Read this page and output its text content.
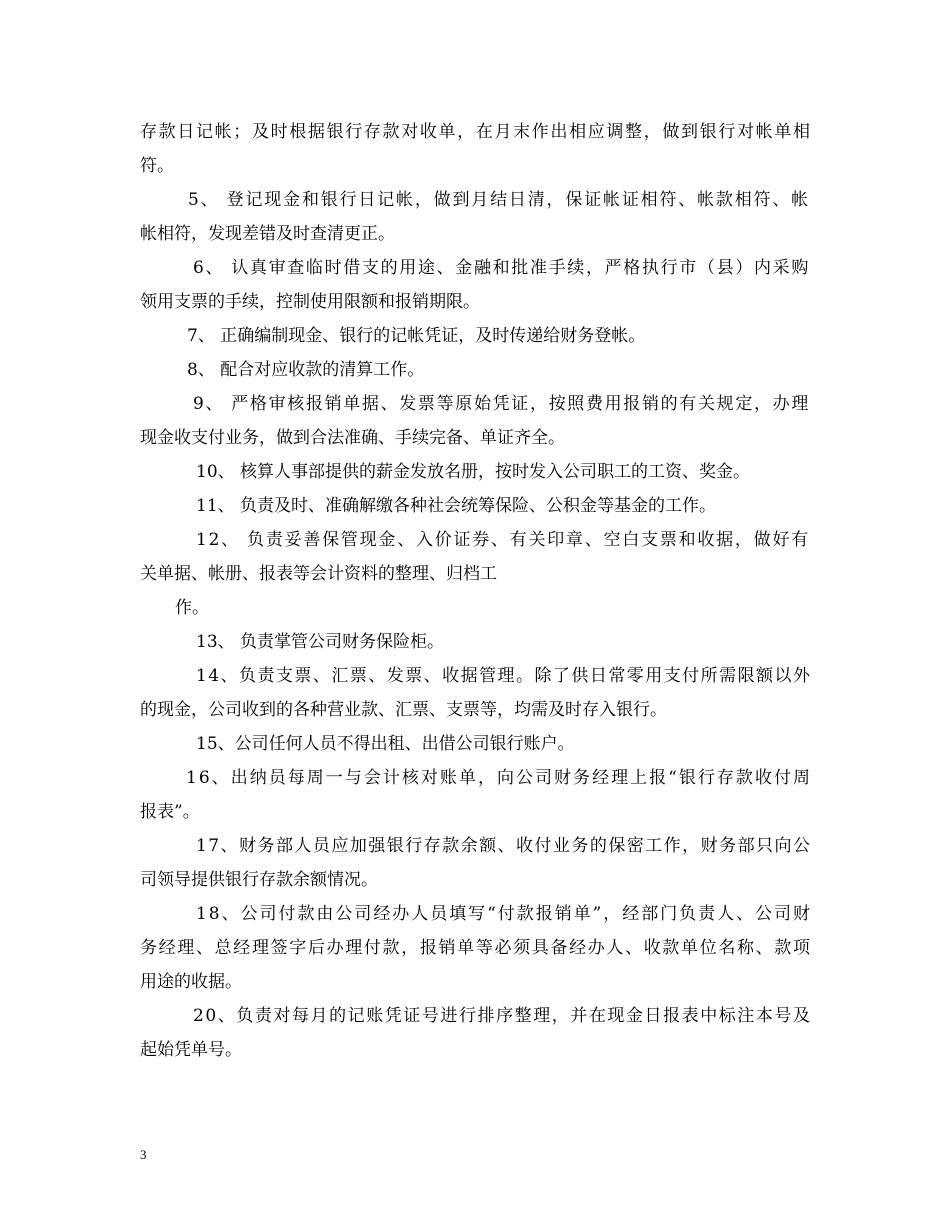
存款日记帐；及时根据银行存款对收单，在月末作出相应调整，做到银行对帐单相
符。
5、 登记现金和银行日记帐，做到月结日清，保证帐证相符、帐款相符、帐
帐相符，发现差错及时查清更正。
6、 认真审查临时借支的用途、金融和批准手续，严格执行市（县）内采购
领用支票的手续，控制使用限额和报销期限。
7、 正确编制现金、银行的记帐凭证，及时传递给财务登帐。
8、 配合对应收款的清算工作。
9、 严格审核报销单据、发票等原始凭证，按照费用报销的有关规定，办理
现金收支付业务，做到合法准确、手续完备、单证齐全。
10、 核算人事部提供的薪金发放名册，按时发入公司职工的工资、奖金。
11、 负责及时、准确解缴各种社会统筹保险、公积金等基金的工作。
12、 负责妥善保管现金、入价证券、有关印章、空白支票和收据，做好有
关单据、帐册、报表等会计资料的整理、归档工
作。
13、 负责掌管公司财务保险柜。
14、负责支票、汇票、发票、收据管理。除了供日常零用支付所需限额以外
的现金，公司收到的各种营业款、汇票、支票等，均需及时存入银行。
15、公司任何人员不得出租、出借公司银行账户。
16、出纳员每周一与会计核对账单，向公司财务经理上报“银行存款收付周
报表”。
17、财务部人员应加强银行存款余额、收付业务的保密工作，财务部只向公
司领导提供银行存款余额情况。
18、公司付款由公司经办人员填写“付款报销单”，经部门负责人、公司财
务经理、总经理签字后办理付款，报销单等必须具备经办人、收款单位名称、款项
用途的收据。
20、负责对每月的记账凭证号进行排序整理，并在现金日报表中标注本号及
起始凭单号。
3
